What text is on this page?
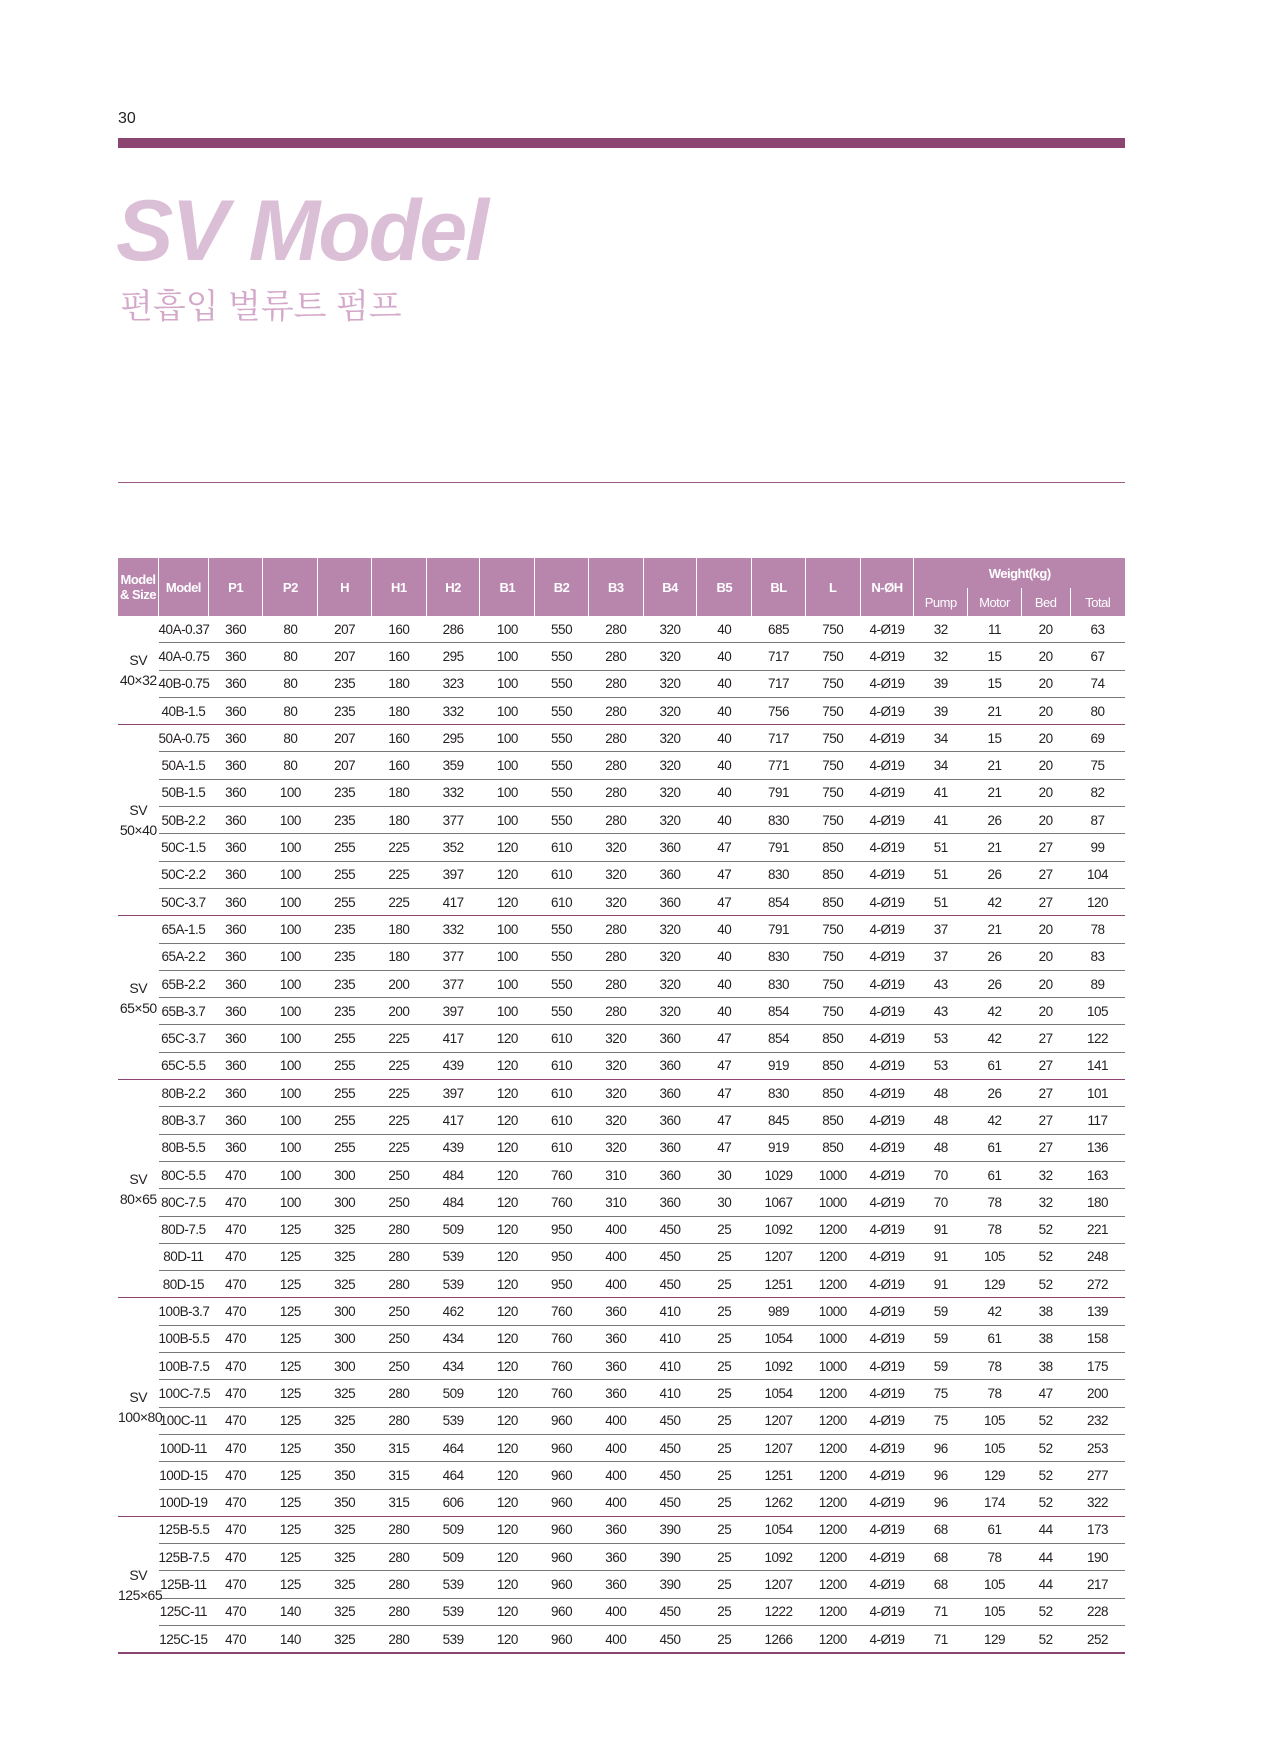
30
SV Model
편흡입 벌류트 펌프
Model & Size	Model	P1	P2	H	H1	H2	B1	B2	B3	B4	B5	BL	L	N-ØH	Weight(kg)			
															Pump	Motor	Bed	Total

SV
40×32	40A-0.37	360	80	207	160	286	100	550	280	320	40	685	750	4-Ø19	32	11	20	63
	40A-0.75	360	80	207	160	295	100	550	280	320	40	717	750	4-Ø19	32	15	20	67
	40B-0.75	360	80	235	180	323	100	550	280	320	40	717	750	4-Ø19	39	15	20	74
	40B-1.5	360	80	235	180	332	100	550	280	320	40	756	750	4-Ø19	39	21	20	80

SV
50×40	50A-0.75	360	80	207	160	295	100	550	280	320	40	717	750	4-Ø19	34	15	20	69
	50A-1.5	360	80	207	160	359	100	550	280	320	40	771	750	4-Ø19	34	21	20	75
	50B-1.5	360	100	235	180	332	100	550	280	320	40	791	750	4-Ø19	41	21	20	82
	50B-2.2	360	100	235	180	377	100	550	280	320	40	830	750	4-Ø19	41	26	20	87
	50C-1.5	360	100	255	225	352	120	610	320	360	47	791	850	4-Ø19	51	21	27	99
	50C-2.2	360	100	255	225	397	120	610	320	360	47	830	850	4-Ø19	51	26	27	104
	50C-3.7	360	100	255	225	417	120	610	320	360	47	854	850	4-Ø19	51	42	27	120

SV
65×50	65A-1.5	360	100	235	180	332	100	550	280	320	40	791	750	4-Ø19	37	21	20	78
	65A-2.2	360	100	235	180	377	100	550	280	320	40	830	750	4-Ø19	37	26	20	83
	65B-2.2	360	100	235	200	377	100	550	280	320	40	830	750	4-Ø19	43	26	20	89
	65B-3.7	360	100	235	200	397	100	550	280	320	40	854	750	4-Ø19	43	42	20	105
	65C-3.7	360	100	255	225	417	120	610	320	360	47	854	850	4-Ø19	53	42	27	122
	65C-5.5	360	100	255	225	439	120	610	320	360	47	919	850	4-Ø19	53	61	27	141

SV
80×65	80B-2.2	360	100	255	225	397	120	610	320	360	47	830	850	4-Ø19	48	26	27	101
	80B-3.7	360	100	255	225	417	120	610	320	360	47	845	850	4-Ø19	48	42	27	117
	80B-5.5	360	100	255	225	439	120	610	320	360	47	919	850	4-Ø19	48	61	27	136
	80C-5.5	470	100	300	250	484	120	760	310	360	30	1029	1000	4-Ø19	70	61	32	163
	80C-7.5	470	100	300	250	484	120	760	310	360	30	1067	1000	4-Ø19	70	78	32	180
	80D-7.5	470	125	325	280	509	120	950	400	450	25	1092	1200	4-Ø19	91	78	52	221
	80D-11	470	125	325	280	539	120	950	400	450	25	1207	1200	4-Ø19	91	105	52	248
	80D-15	470	125	325	280	539	120	950	400	450	25	1251	1200	4-Ø19	91	129	52	272

SV
100×80	100B-3.7	470	125	300	250	462	120	760	360	410	25	989	1000	4-Ø19	59	42	38	139
	100B-5.5	470	125	300	250	434	120	760	360	410	25	1054	1000	4-Ø19	59	61	38	158
	100B-7.5	470	125	300	250	434	120	760	360	410	25	1092	1000	4-Ø19	59	78	38	175
	100C-7.5	470	125	325	280	509	120	760	360	410	25	1054	1200	4-Ø19	75	78	47	200
	100C-11	470	125	325	280	539	120	960	400	450	25	1207	1200	4-Ø19	75	105	52	232
	100D-11	470	125	350	315	464	120	960	400	450	25	1207	1200	4-Ø19	96	105	52	253
	100D-15	470	125	350	315	464	120	960	400	450	25	1251	1200	4-Ø19	96	129	52	277
	100D-19	470	125	350	315	606	120	960	400	450	25	1262	1200	4-Ø19	96	174	52	322

SV
125×65	125B-5.5	470	125	325	280	509	120	960	360	390	25	1054	1200	4-Ø19	68	61	44	173
	125B-7.5	470	125	325	280	509	120	960	360	390	25	1092	1200	4-Ø19	68	78	44	190
	125B-11	470	125	325	280	539	120	960	360	390	25	1207	1200	4-Ø19	68	105	44	217
	125C-11	470	140	325	280	539	120	960	400	450	25	1222	1200	4-Ø19	71	105	52	228
	125C-15	470	140	325	280	539	120	960	400	450	25	1266	1200	4-Ø19	71	129	52	252
